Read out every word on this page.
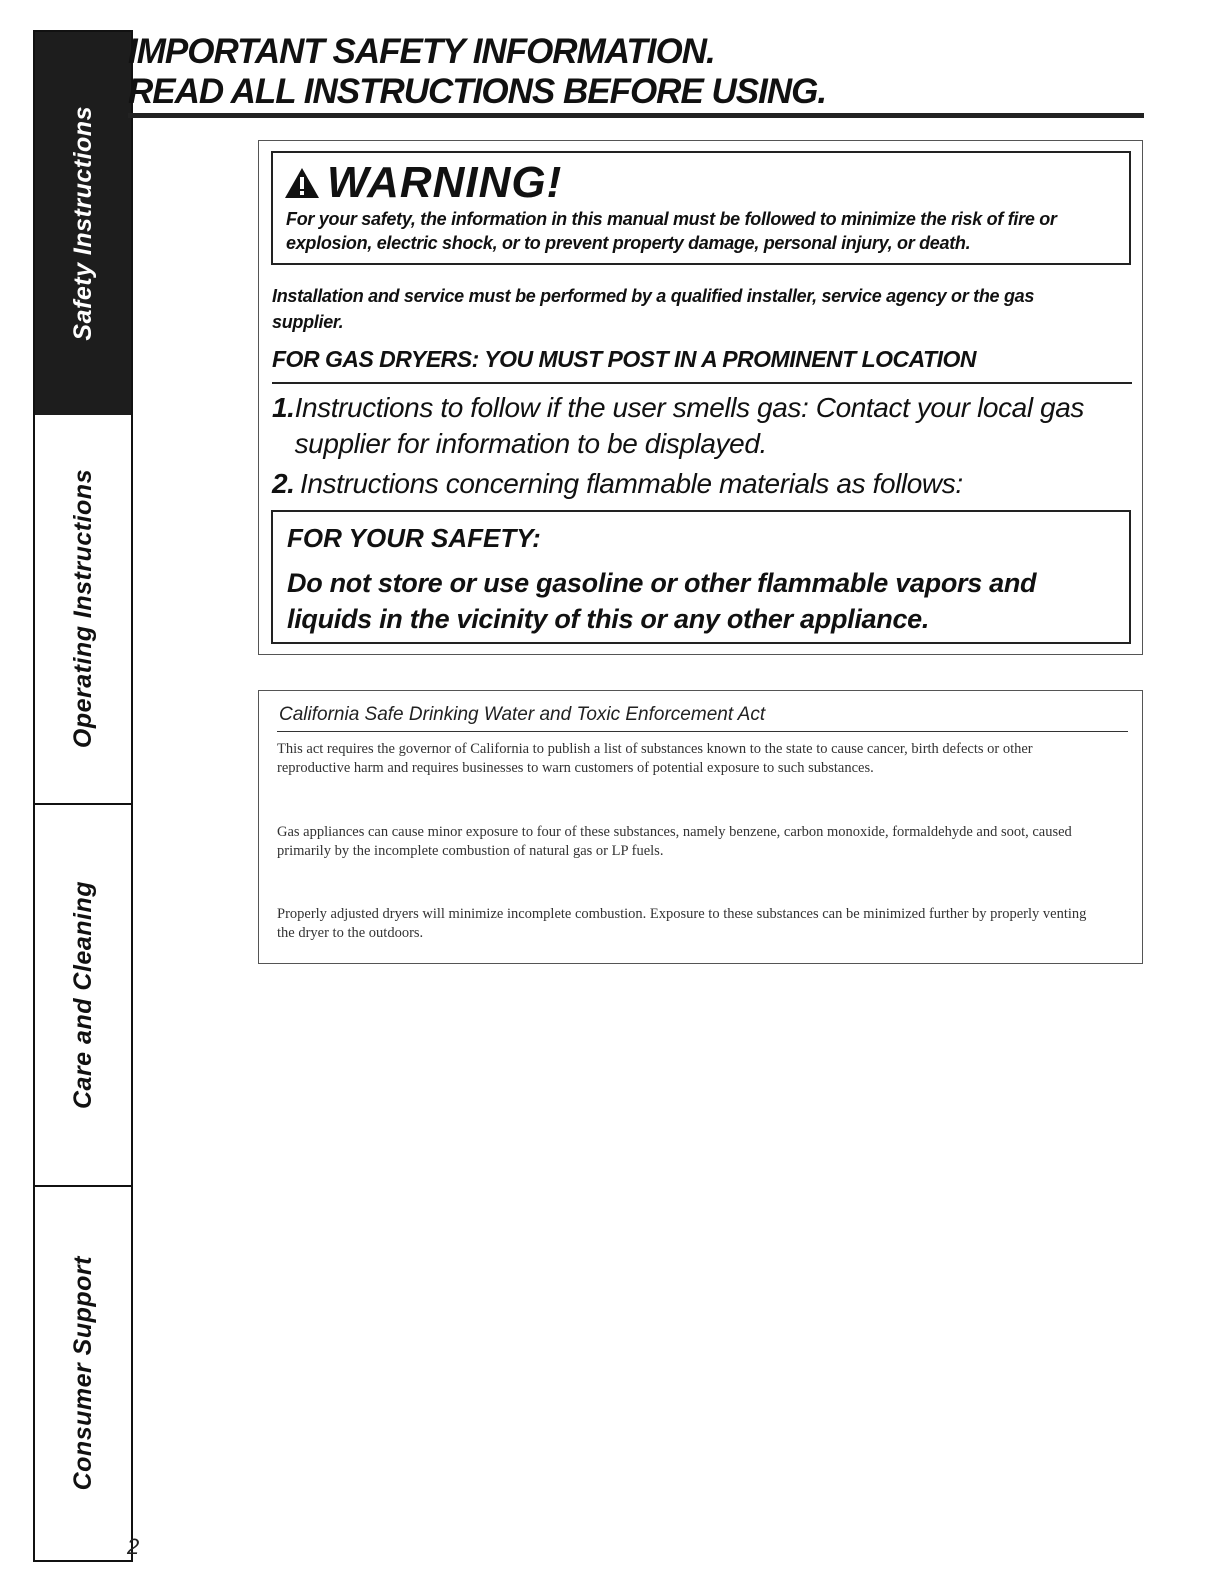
Safety Instructions
Operating Instructions
Care and Cleaning
Consumer Support
IMPORTANT SAFETY INFORMATION.
READ ALL INSTRUCTIONS BEFORE USING.
WARNING!
For your safety, the information in this manual must be followed to minimize the risk of fire or explosion, electric shock, or to prevent property damage, personal injury, or death.
Installation and service must be performed by a qualified installer, service agency or the gas supplier.
FOR GAS DRYERS: YOU MUST POST IN A PROMINENT LOCATION
1. Instructions to follow if the user smells gas: Contact your local gas supplier for information to be displayed.
2. Instructions concerning flammable materials as follows:
FOR YOUR SAFETY:
Do not store or use gasoline or other flammable vapors and liquids in the vicinity of this or any other appliance.
California Safe Drinking Water and Toxic Enforcement Act
This act requires the governor of California to publish a list of substances known to the state to cause cancer, birth defects or other reproductive harm and requires businesses to warn customers of potential exposure to such substances.
Gas appliances can cause minor exposure to four of these substances, namely benzene, carbon monoxide, formaldehyde and soot, caused primarily by the incomplete combustion of natural gas or LP fuels.
Properly adjusted dryers will minimize incomplete combustion. Exposure to these substances can be minimized further by properly venting the dryer to the outdoors.
2
